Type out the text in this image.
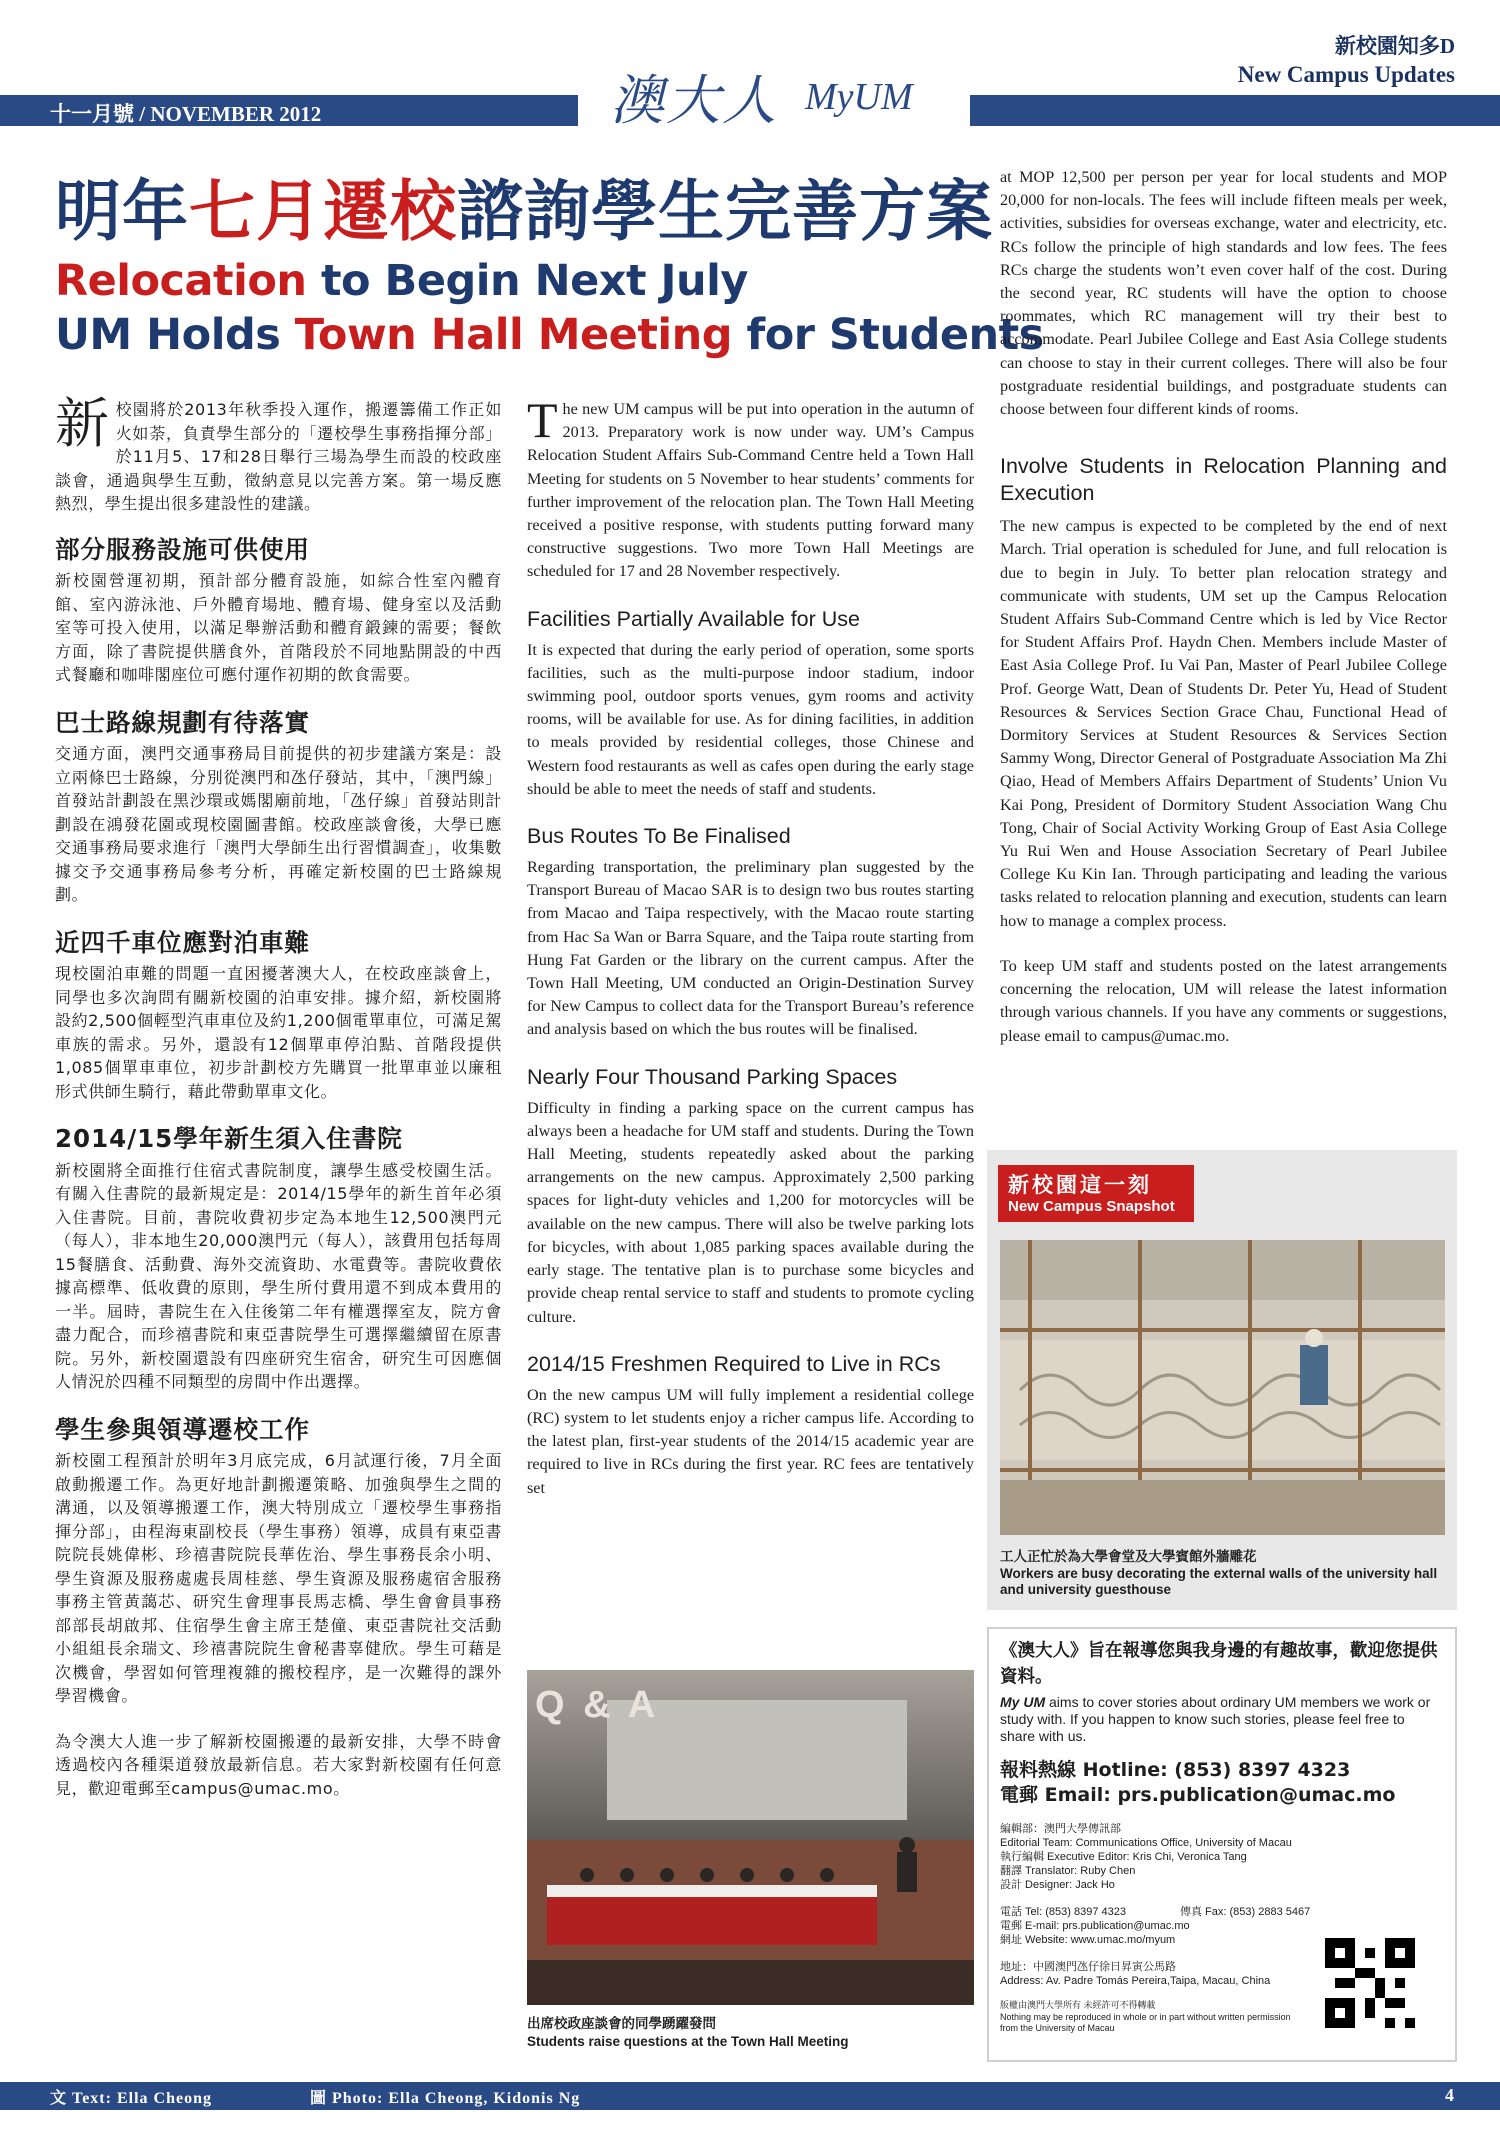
新校園知多D
New Campus Updates
十一月號 / NOVEMBER 2012	澳大人 MyUM
明年七月遷校諮詢學生完善方案
Relocation to Begin Next July
UM Holds Town Hall Meeting for Students

新校園將於2013年秋季投入運作，搬遷籌備工作正如火如荼，負責學生部分的「遷校學生事務指揮分部」於11月5、17和28日舉行三場為學生而設的校政座談會，通過與學生互動，徵納意見以完善方案。第一場反應熱烈，學生提出很多建設性的建議。

部分服務設施可供使用

新校園營運初期，預計部分體育設施，如綜合性室內體育館、室內游泳池、戶外體育場地、體育場、健身室以及活動室等可投入使用，以滿足舉辦活動和體育鍛鍊的需要；餐飲方面，除了書院提供膳食外，首階段於不同地點開設的中西式餐廳和咖啡閣座位可應付運作初期的飲食需要。

巴士路線規劃有待落實

交通方面，澳門交通事務局目前提供的初步建議方案是：設立兩條巴士路線，分別從澳門和氹仔發站，其中，「澳門線」首發站計劃設在黑沙環或媽閣廟前地，「氹仔線」首發站則計劃設在鴻發花園或現校園圖書館。校政座談會後，大學已應交通事務局要求進行「澳門大學師生出行習慣調查」，收集數據交予交通事務局參考分析，再確定新校園的巴士路線規劃。

近四千車位應對泊車難

現校園泊車難的問題一直困擾著澳大人，在校政座談會上，同學也多次詢問有關新校園的泊車安排。據介紹，新校園將設約2,500個輕型汽車車位及約1,200個電單車位，可滿足駕車族的需求。另外，還設有12個單車停泊點、首階段提供1,085個單車車位，初步計劃校方先購買一批單車並以廉租形式供師生騎行，藉此帶動單車文化。

2014/15學年新生須入住書院

新校園將全面推行住宿式書院制度，讓學生感受校園生活。有關入住書院的最新規定是：2014/15學年的新生首年必須入住書院。目前，書院收費初步定為本地生12,500澳門元（每人），非本地生20,000澳門元（每人），該費用包括每周15餐膳食、活動費、海外交流資助、水電費等。書院收費依據高標準、低收費的原則，學生所付費用還不到成本費用的一半。屆時，書院生在入住後第二年有權選擇室友，院方會盡力配合，而珍禧書院和東亞書院學生可選擇繼續留在原書院。另外，新校園還設有四座研究生宿舍，研究生可因應個人情況於四種不同類型的房間中作出選擇。

學生參與領導遷校工作

新校園工程預計於明年3月底完成，6月試運行後，7月全面啟動搬遷工作。為更好地計劃搬遷策略、加強與學生之間的溝通，以及領導搬遷工作，澳大特別成立「遷校學生事務指揮分部」，由程海東副校長（學生事務）領導，成員有東亞書院院長姚偉彬、珍禧書院院長華佐治、學生事務長余小明、學生資源及服務處處長周桂慈、學生資源及服務處宿舍服務事務主管黃藹芯、研究生會理事長馬志橋、學生會會員事務部部長胡啟邦、住宿學生會主席王楚僮、東亞書院社交活動小組組長余瑞文、珍禧書院院生會秘書辜健欣。學生可藉是次機會，學習如何管理複雜的搬校程序，是一次難得的課外學習機會。

為令澳大人進一步了解新校園搬遷的最新安排，大學不時會透過校內各種渠道發放最新信息。若大家對新校園有任何意見，歡迎電郵至campus@umac.mo。

The new UM campus will be put into operation in the autumn of 2013. Preparatory work is now under way. UM’s Campus Relocation Student Affairs Sub-Command Centre held a Town Hall Meeting for students on 5 November to hear students’ comments for further improvement of the relocation plan. The Town Hall Meeting received a positive response, with students putting forward many constructive suggestions. Two more Town Hall Meetings are scheduled for 17 and 28 November respectively.

Facilities Partially Available for Use

It is expected that during the early period of operation, some sports facilities, such as the multi-purpose indoor stadium, indoor swimming pool, outdoor sports venues, gym rooms and activity rooms, will be available for use. As for dining facilities, in addition to meals provided by residential colleges, those Chinese and Western food restaurants as well as cafes open during the early stage should be able to meet the needs of staff and students.

Bus Routes To Be Finalised

Regarding transportation, the preliminary plan suggested by the Transport Bureau of Macao SAR is to design two bus routes starting from Macao and Taipa respectively, with the Macao route starting from Hac Sa Wan or Barra Square, and the Taipa route starting from Hung Fat Garden or the library on the current campus. After the Town Hall Meeting, UM conducted an Origin-Destination Survey for New Campus to collect data for the Transport Bureau’s reference and analysis based on which the bus routes will be finalised.

Nearly Four Thousand Parking Spaces

Difficulty in finding a parking space on the current campus has always been a headache for UM staff and students. During the Town Hall Meeting, students repeatedly asked about the parking arrangements on the new campus. Approximately 2,500 parking spaces for light-duty vehicles and 1,200 for motorcycles will be available on the new campus. There will also be twelve parking lots for bicycles, with about 1,085 parking spaces available during the early stage. The tentative plan is to purchase some bicycles and provide cheap rental service to staff and students to promote cycling culture.

2014/15 Freshmen Required to Live in RCs

On the new campus UM will fully implement a residential college (RC) system to let students enjoy a richer campus life. According to the latest plan, first-year students of the 2014/15 academic year are required to live in RCs during the first year. RC fees are tentatively set

Q & A
出席校政座談會的同學踴躍發問
Students raise questions at the Town Hall Meeting

at MOP 12,500 per person per year for local students and MOP 20,000 for non-locals. The fees will include fifteen meals per week, activities, subsidies for overseas exchange, water and electricity, etc. RCs follow the principle of high standards and low fees. The fees RCs charge the students won’t even cover half of the cost. During the second year, RC students will have the option to choose roommates, which RC management will try their best to accommodate. Pearl Jubilee College and East Asia College students can choose to stay in their current colleges. There will also be four postgraduate residential buildings, and postgraduate students can choose between four different kinds of rooms.

Involve Students in Relocation Planning and Execution

The new campus is expected to be completed by the end of next March. Trial operation is scheduled for June, and full relocation is due to begin in July. To better plan relocation strategy and communicate with students, UM set up the Campus Relocation Student Affairs Sub-Command Centre which is led by Vice Rector for Student Affairs Prof. Haydn Chen. Members include Master of East Asia College Prof. Iu Vai Pan, Master of Pearl Jubilee College Prof. George Watt, Dean of Students Dr. Peter Yu, Head of Student Resources & Services Section Grace Chau, Functional Head of Dormitory Services at Student Resources & Services Section Sammy Wong, Director General of Postgraduate Association Ma Zhi Qiao, Head of Members Affairs Department of Students’ Union Vu Kai Pong, President of Dormitory Student Association Wang Chu Tong, Chair of Social Activity Working Group of East Asia College Yu Rui Wen and House Association Secretary of Pearl Jubilee College Ku Kin Ian. Through participating and leading the various tasks related to relocation planning and execution, students can learn how to manage a complex process.

To keep UM staff and students posted on the latest arrangements concerning the relocation, UM will release the latest information through various channels. If you have any comments or suggestions, please email to campus@umac.mo.

新校園這一刻
New Campus Snapshot
工人正忙於為大學會堂及大學賓館外牆雕花
Workers are busy decorating the external walls of the university hall and university guesthouse
《澳大人》旨在報導您與我身邊的有趣故事，歡迎您提供資料。
My UM aims to cover stories about ordinary UM members we work or study with. If you happen to know such stories, please feel free to share with us.
報料熱線 Hotline: (853) 8397 4323
電郵 Email: prs.publication@umac.mo
編輯部：澳門大學傳訊部
Editorial Team: Communications Office, University of Macau
執行編輯 Executive Editor: Kris Chi, Veronica Tang
翻譯 Translator: Ruby Chen
設計 Designer: Jack Ho
電話 Tel: (853) 8397 4323	傳真 Fax: (853) 2883 5467
電郵 E-mail: prs.publication@umac.mo
網址 Website: www.umac.mo/myum
地址：中國澳門氹仔徐日昇寅公馬路
Address: Av. Padre Tomás Pereira,Taipa, Macau, China
版權由澳門大學所有 未經許可不得轉載
Nothing may be reproduced in whole or in part without written permission from the University of Macau
文 Text: Ella Cheong	圖 Photo: Ella Cheong, Kidonis Ng	4
